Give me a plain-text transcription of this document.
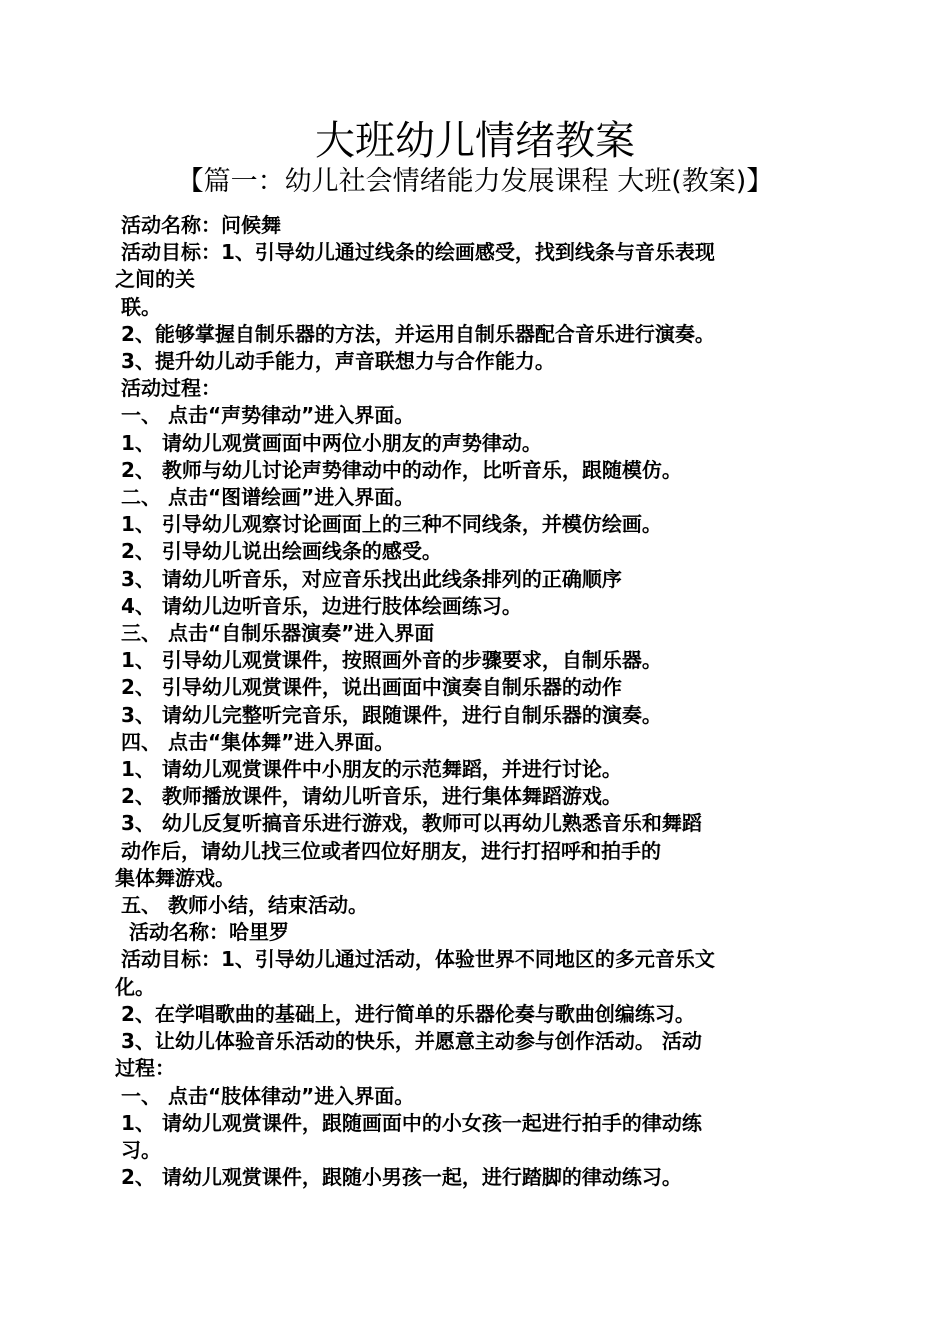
大班幼儿情绪教案
【篇一：幼儿社会情绪能力发展课程 大班(教案)】
活动名称：问候舞
活动目标：1、引导幼儿通过线条的绘画感受，找到线条与音乐表现
之间的关
联。
2、能够掌握自制乐器的方法，并运用自制乐器配合音乐进行演奏。
3、提升幼儿动手能力，声音联想力与合作能力。
活动过程：
一、 点击“声势律动”进入界面。
1、 请幼儿观赏画面中两位小朋友的声势律动。
2、 教师与幼儿讨论声势律动中的动作，比听音乐，跟随模仿。
二、 点击“图谱绘画”进入界面。
1、 引导幼儿观察讨论画面上的三种不同线条，并模仿绘画。
2、 引导幼儿说出绘画线条的感受。
3、 请幼儿听音乐，对应音乐找出此线条排列的正确顺序
4、 请幼儿边听音乐，边进行肢体绘画练习。
三、 点击“自制乐器演奏”进入界面
1、 引导幼儿观赏课件，按照画外音的步骤要求，自制乐器。
2、 引导幼儿观赏课件，说出画面中演奏自制乐器的动作
3、 请幼儿完整听完音乐，跟随课件，进行自制乐器的演奏。
四、 点击“集体舞”进入界面。
1、 请幼儿观赏课件中小朋友的示范舞蹈，并进行讨论。
2、 教师播放课件，请幼儿听音乐，进行集体舞蹈游戏。
3、 幼儿反复听搞音乐进行游戏，教师可以再幼儿熟悉音乐和舞蹈
动作后，请幼儿找三位或者四位好朋友，进行打招呼和拍手的
集体舞游戏。
五、 教师小结，结束活动。
活动名称：哈里罗
活动目标：1、引导幼儿通过活动，体验世界不同地区的多元音乐文
化。
2、在学唱歌曲的基础上，进行简单的乐器伦奏与歌曲创编练习。
3、让幼儿体验音乐活动的快乐，并愿意主动参与创作活动。 活动
过程：
一、 点击“肢体律动”进入界面。
1、 请幼儿观赏课件，跟随画面中的小女孩一起进行拍手的律动练
习。
2、 请幼儿观赏课件，跟随小男孩一起，进行踏脚的律动练习。
